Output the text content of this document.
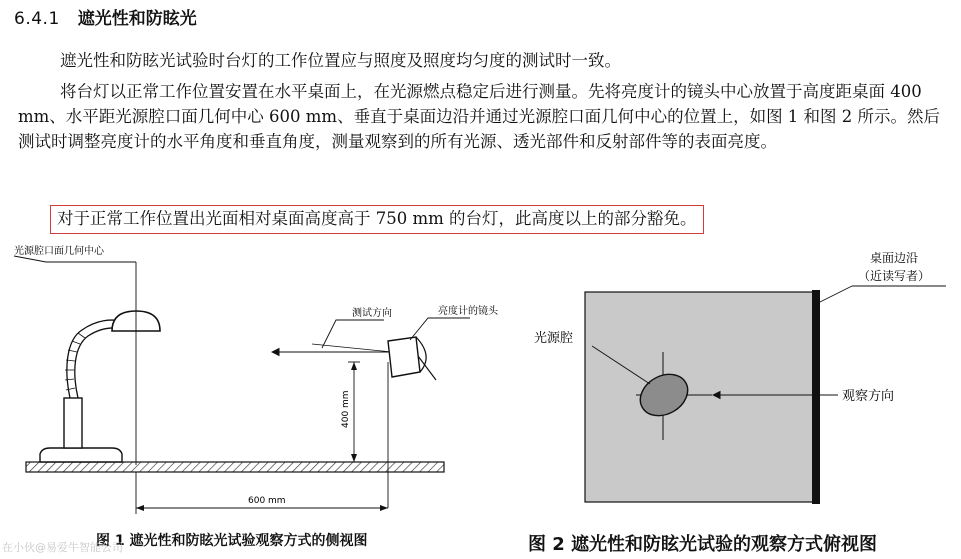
6.4.1 遮光性和防眩光
遮光性和防眩光试验时台灯的工作位置应与照度及照度均匀度的测试时一致。
将台灯以正常工作位置安置在水平桌面上，在光源燃点稳定后进行测量。先将亮度计的镜头中心放置于高度距桌面 400 mm、水平距光源腔口面几何中心 600 mm、垂直于桌面边沿并通过光源腔口面几何中心的位置上，如图 1 和图 2 所示。然后测试时调整亮度计的水平角度和垂直角度，测量观察到的所有光源、透光部件和反射部件等的表面亮度。
对于正常工作位置出光面相对桌面高度高于 750 mm 的台灯，此高度以上的部分豁免。
光源腔口面几何中心
测试方向	亮度计的镜头
400 mm
600 mm
光源腔
观察方向
桌面边沿
（近读写者）
图 1 遮光性和防眩光试验观察方式的侧视图	图 2 遮光性和防眩光试验的观察方式俯视图
在小伙@易爱牛智能公司
